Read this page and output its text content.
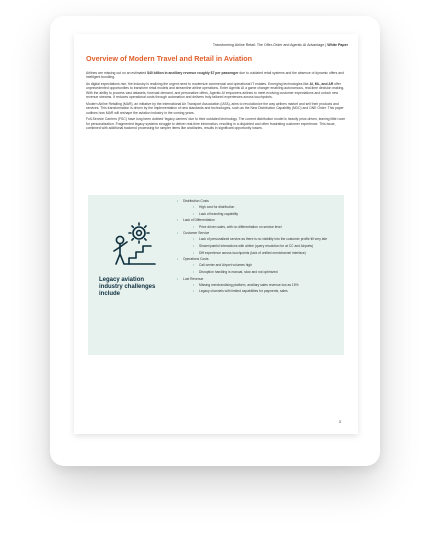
Transforming Airline Retail: The Offer-Order and Agentic AI Advantage | White Paper
Overview of Modern Travel and Retail in Aviation

Airlines are missing out on an estimated $40 billion in ancillary revenue roughly $7 per passenger due to outdated retail systems and the absence of dynamic offers and intelligent bundling.

As digital expectations rise, the industry is realizing the urgent need to modernize commercial and operational IT estates. Emerging technologies like AI, ML, and AR offer unprecedented opportunities to transform retail models and streamline airline operations. Enter Agentic AI a game changer enabling autonomous, real-time decision making. With the ability to process vast datasets, forecast demand, and personalize offers, Agentic AI empowers airlines to meet evolving customer expectations and unlock new revenue streams. It reduces operational costs through automation and delivers truly tailored experiences across touchpoints.

Modern Airline Retailing (MAR), an initiative by the International Air Transport Association (IATA), aims to revolutionize the way airlines market and sell their products and services. This transformation is driven by the implementation of new standards and technologies, such as the New Distribution Capability (NDC) and ONE Order. This paper outlines how MAR will reshape the aviation industry in the coming years.

Full-Service Carriers (FSC) have long been dubbed 'legacy carriers' due to their outdated technology. The current distribution model is heavily price-driven, leaving little room for personalization. Fragmented legacy systems struggle to deliver real-time information, resulting in a disjointed and often frustrating customer experience. This issue, combined with additional backend processing for simpler items like ancillaries, results in significant opportunity losses.

Legacy aviation industry challenges include
• Distribution Costs
• High cost for distribution
• Lack of branding capability
• Lack of Differentiation
• Price driven sales, with no differentiation on service level
• Customer Service
• Lack of personalized service as there is no visibility into the customer profile till very late
• Slower/painful interactions with airline (query resolution for at CC and Airports)
• Diff experience across touchpoints (lack of unified omnichannel interface)
• Operations Costs
• Call center and Airport volumes high
• Disruption handling is manual, slow and not optimized
• Lost Revenue
• Missing merchandising platform, ancillary sales revenue low as 15%
• Legacy channels with limited capabilities for payments, sales
3
